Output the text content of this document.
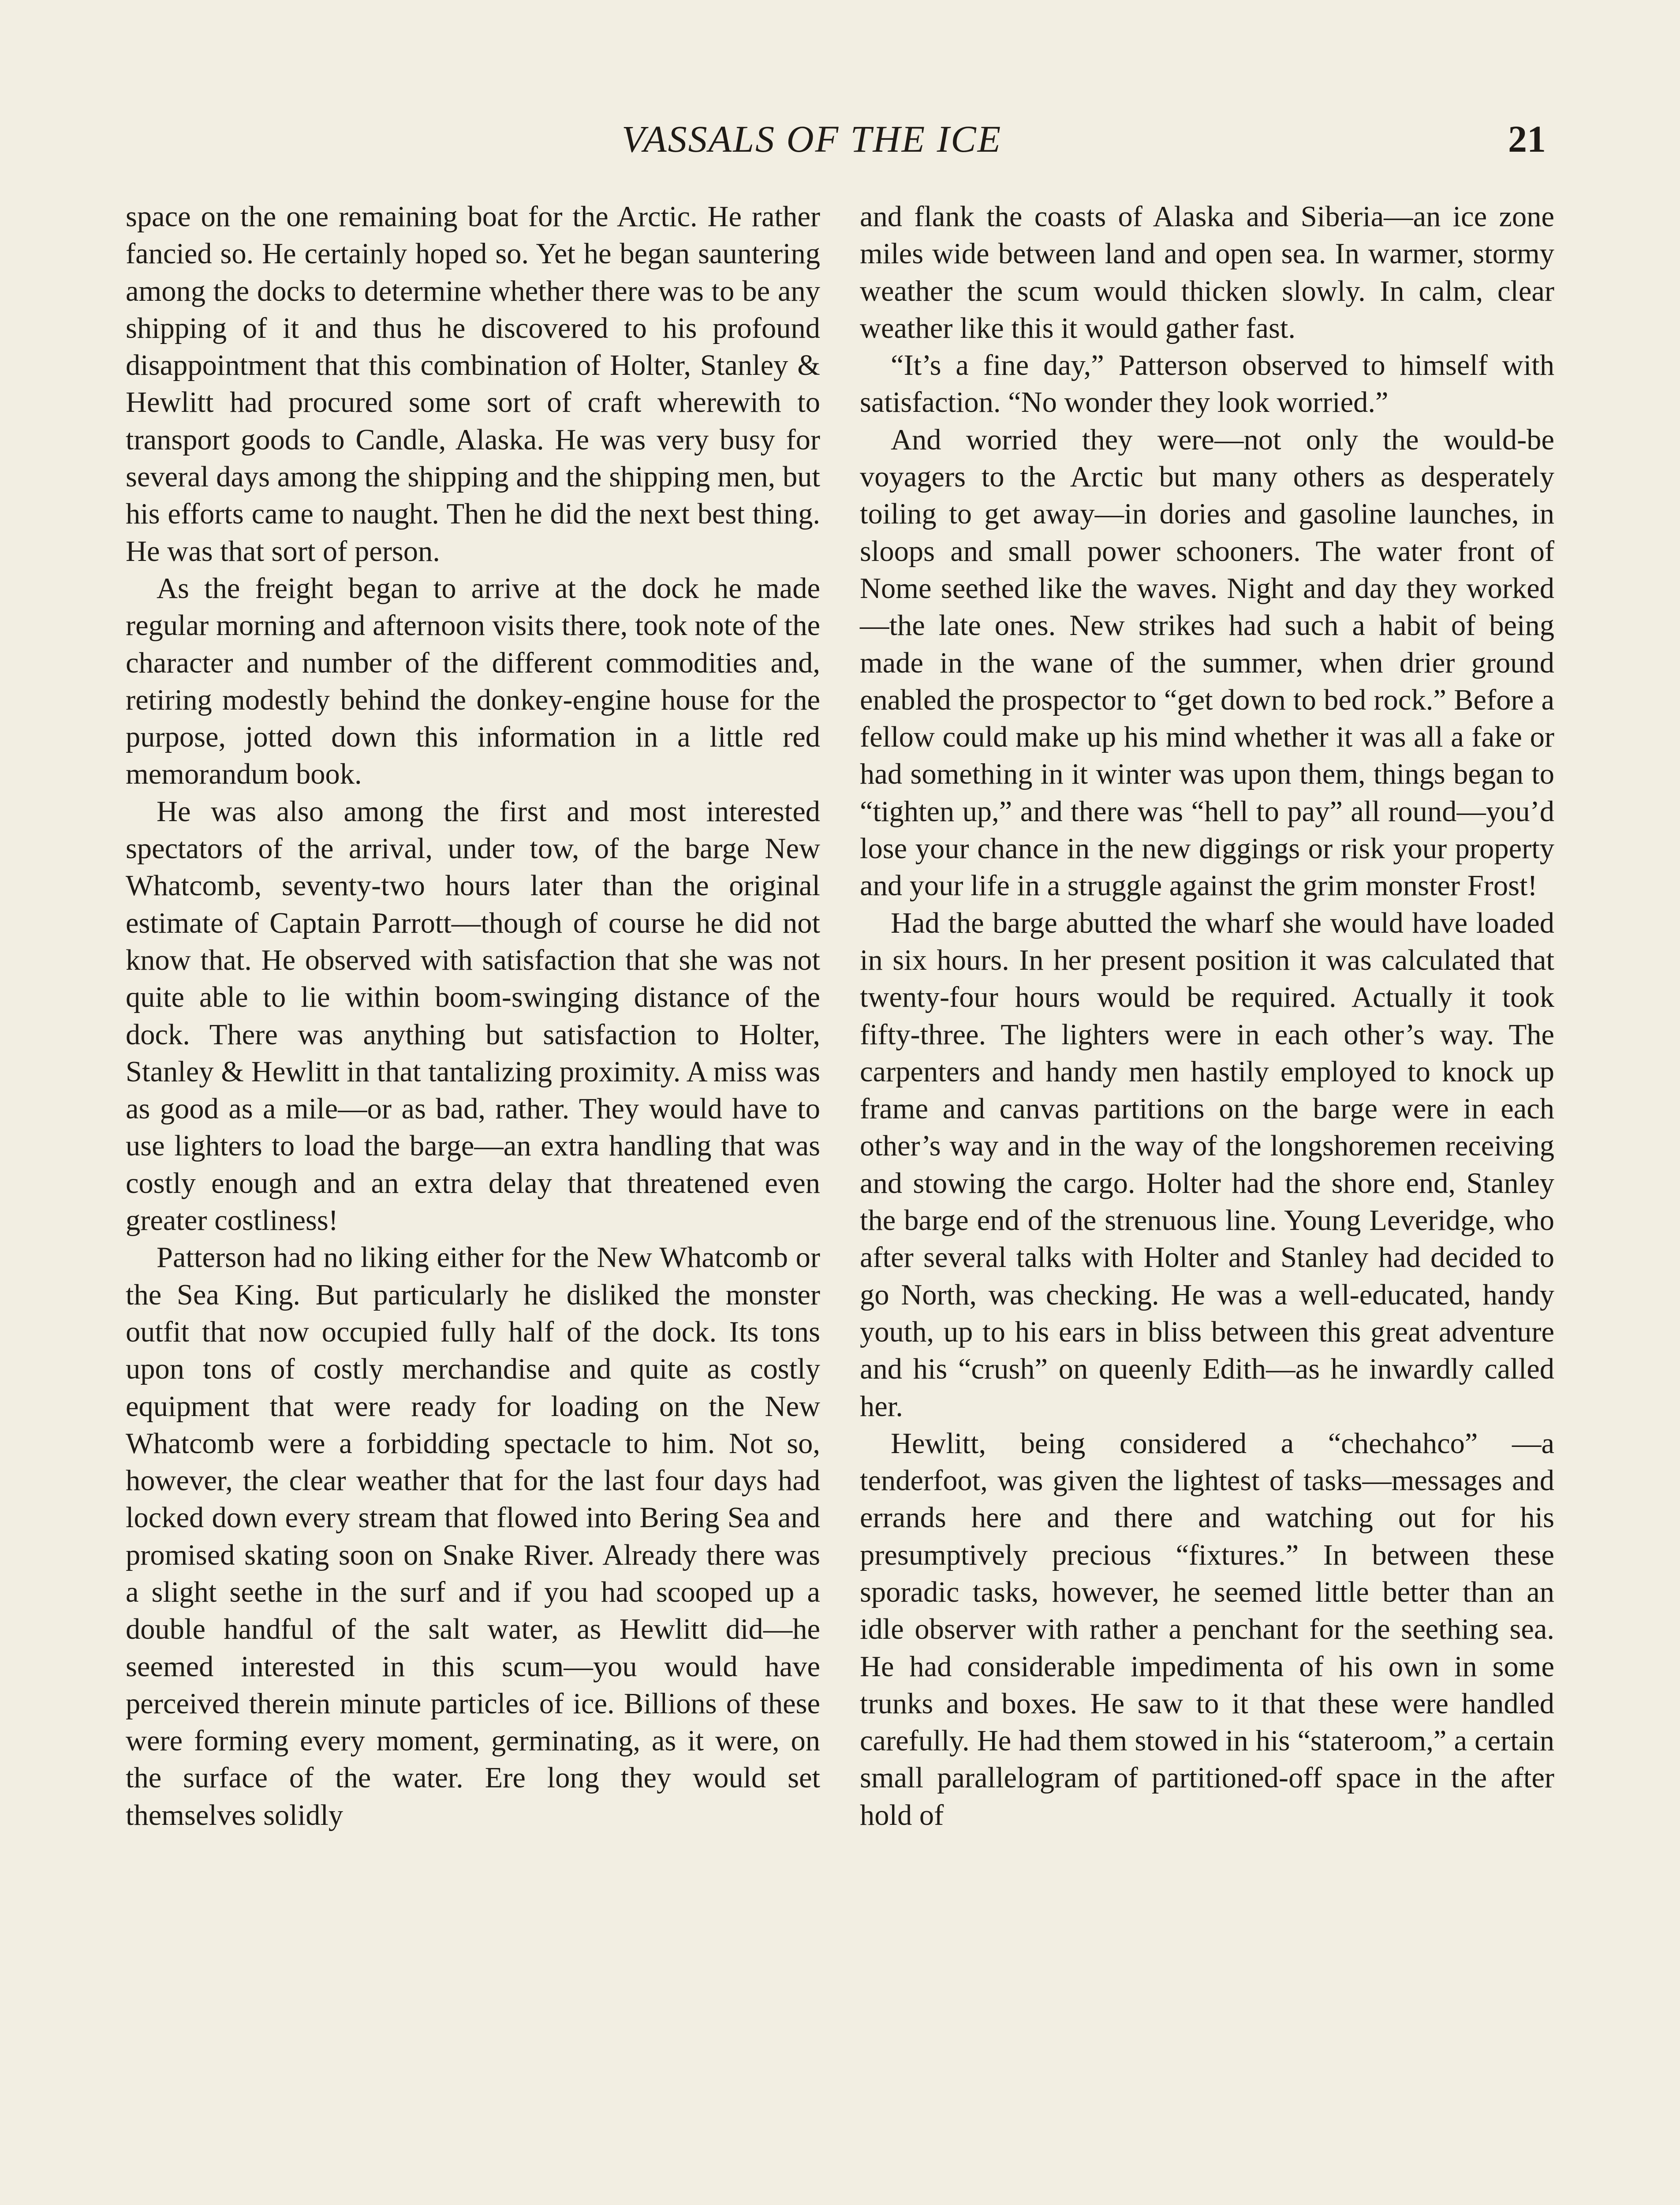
VASSALS OF THE ICE	21

space on the one remaining boat for the Arctic. He rather fancied so. He certainly hoped so. Yet he began sauntering among the docks to determine whether there was to be any shipping of it and thus he discovered to his profound disappointment that this combination of Holter, Stanley & Hewlitt had procured some sort of craft wherewith to transport goods to Candle, Alaska. He was very busy for several days among the shipping and the shipping men, but his efforts came to naught. Then he did the next best thing. He was that sort of person.

As the freight began to arrive at the dock he made regular morning and afternoon visits there, took note of the character and number of the different commodities and, retiring modestly behind the donkey-engine house for the purpose, jotted down this information in a little red memorandum book.

He was also among the first and most interested spectators of the arrival, under tow, of the barge New Whatcomb, seventy-two hours later than the original estimate of Captain Parrott—though of course he did not know that. He observed with satisfaction that she was not quite able to lie within boom-swinging distance of the dock. There was anything but satisfaction to Holter, Stanley & Hewlitt in that tantalizing proximity. A miss was as good as a mile—or as bad, rather. They would have to use lighters to load the barge—an extra handling that was costly enough and an extra delay that threatened even greater costliness!

Patterson had no liking either for the New Whatcomb or the Sea King. But particularly he disliked the monster outfit that now occupied fully half of the dock. Its tons upon tons of costly merchandise and quite as costly equipment that were ready for loading on the New Whatcomb were a forbidding spectacle to him. Not so, however, the clear weather that for the last four days had locked down every stream that flowed into Bering Sea and promised skating soon on Snake River. Already there was a slight seethe in the surf and if you had scooped up a double handful of the salt water, as Hewlitt did—he seemed interested in this scum—you would have perceived therein minute particles of ice. Billions of these were forming every moment, germinating, as it were, on the surface of the water. Ere long they would set themselves solidly

and flank the coasts of Alaska and Siberia—an ice zone miles wide between land and open sea. In warmer, stormy weather the scum would thicken slowly. In calm, clear weather like this it would gather fast.

“It’s a fine day,” Patterson observed to himself with satisfaction. “No wonder they look worried.”

And worried they were—not only the would-be voyagers to the Arctic but many others as desperately toiling to get away—in dories and gasoline launches, in sloops and small power schooners. The water front of Nome seethed like the waves. Night and day they worked—the late ones. New strikes had such a habit of being made in the wane of the summer, when drier ground enabled the prospector to “get down to bed rock.” Before a fellow could make up his mind whether it was all a fake or had something in it winter was upon them, things began to “tighten up,” and there was “hell to pay” all round—you’d lose your chance in the new diggings or risk your property and your life in a struggle against the grim monster Frost!

Had the barge abutted the wharf she would have loaded in six hours. In her present position it was calculated that twenty-four hours would be required. Actually it took fifty-three. The lighters were in each other’s way. The carpenters and handy men hastily employed to knock up frame and canvas partitions on the barge were in each other’s way and in the way of the longshoremen receiving and stowing the cargo. Holter had the shore end, Stanley the barge end of the strenuous line. Young Leveridge, who after several talks with Holter and Stanley had decided to go North, was checking. He was a well-educated, handy youth, up to his ears in bliss between this great adventure and his “crush” on queenly Edith—as he inwardly called her.

Hewlitt, being considered a “chechahco” —a tenderfoot, was given the lightest of tasks—messages and errands here and there and watching out for his presumptively precious “fixtures.” In between these sporadic tasks, however, he seemed little better than an idle observer with rather a penchant for the seething sea. He had considerable impedimenta of his own in some trunks and boxes. He saw to it that these were handled carefully. He had them stowed in his “stateroom,” a certain small parallelogram of partitioned-off space in the after hold of
